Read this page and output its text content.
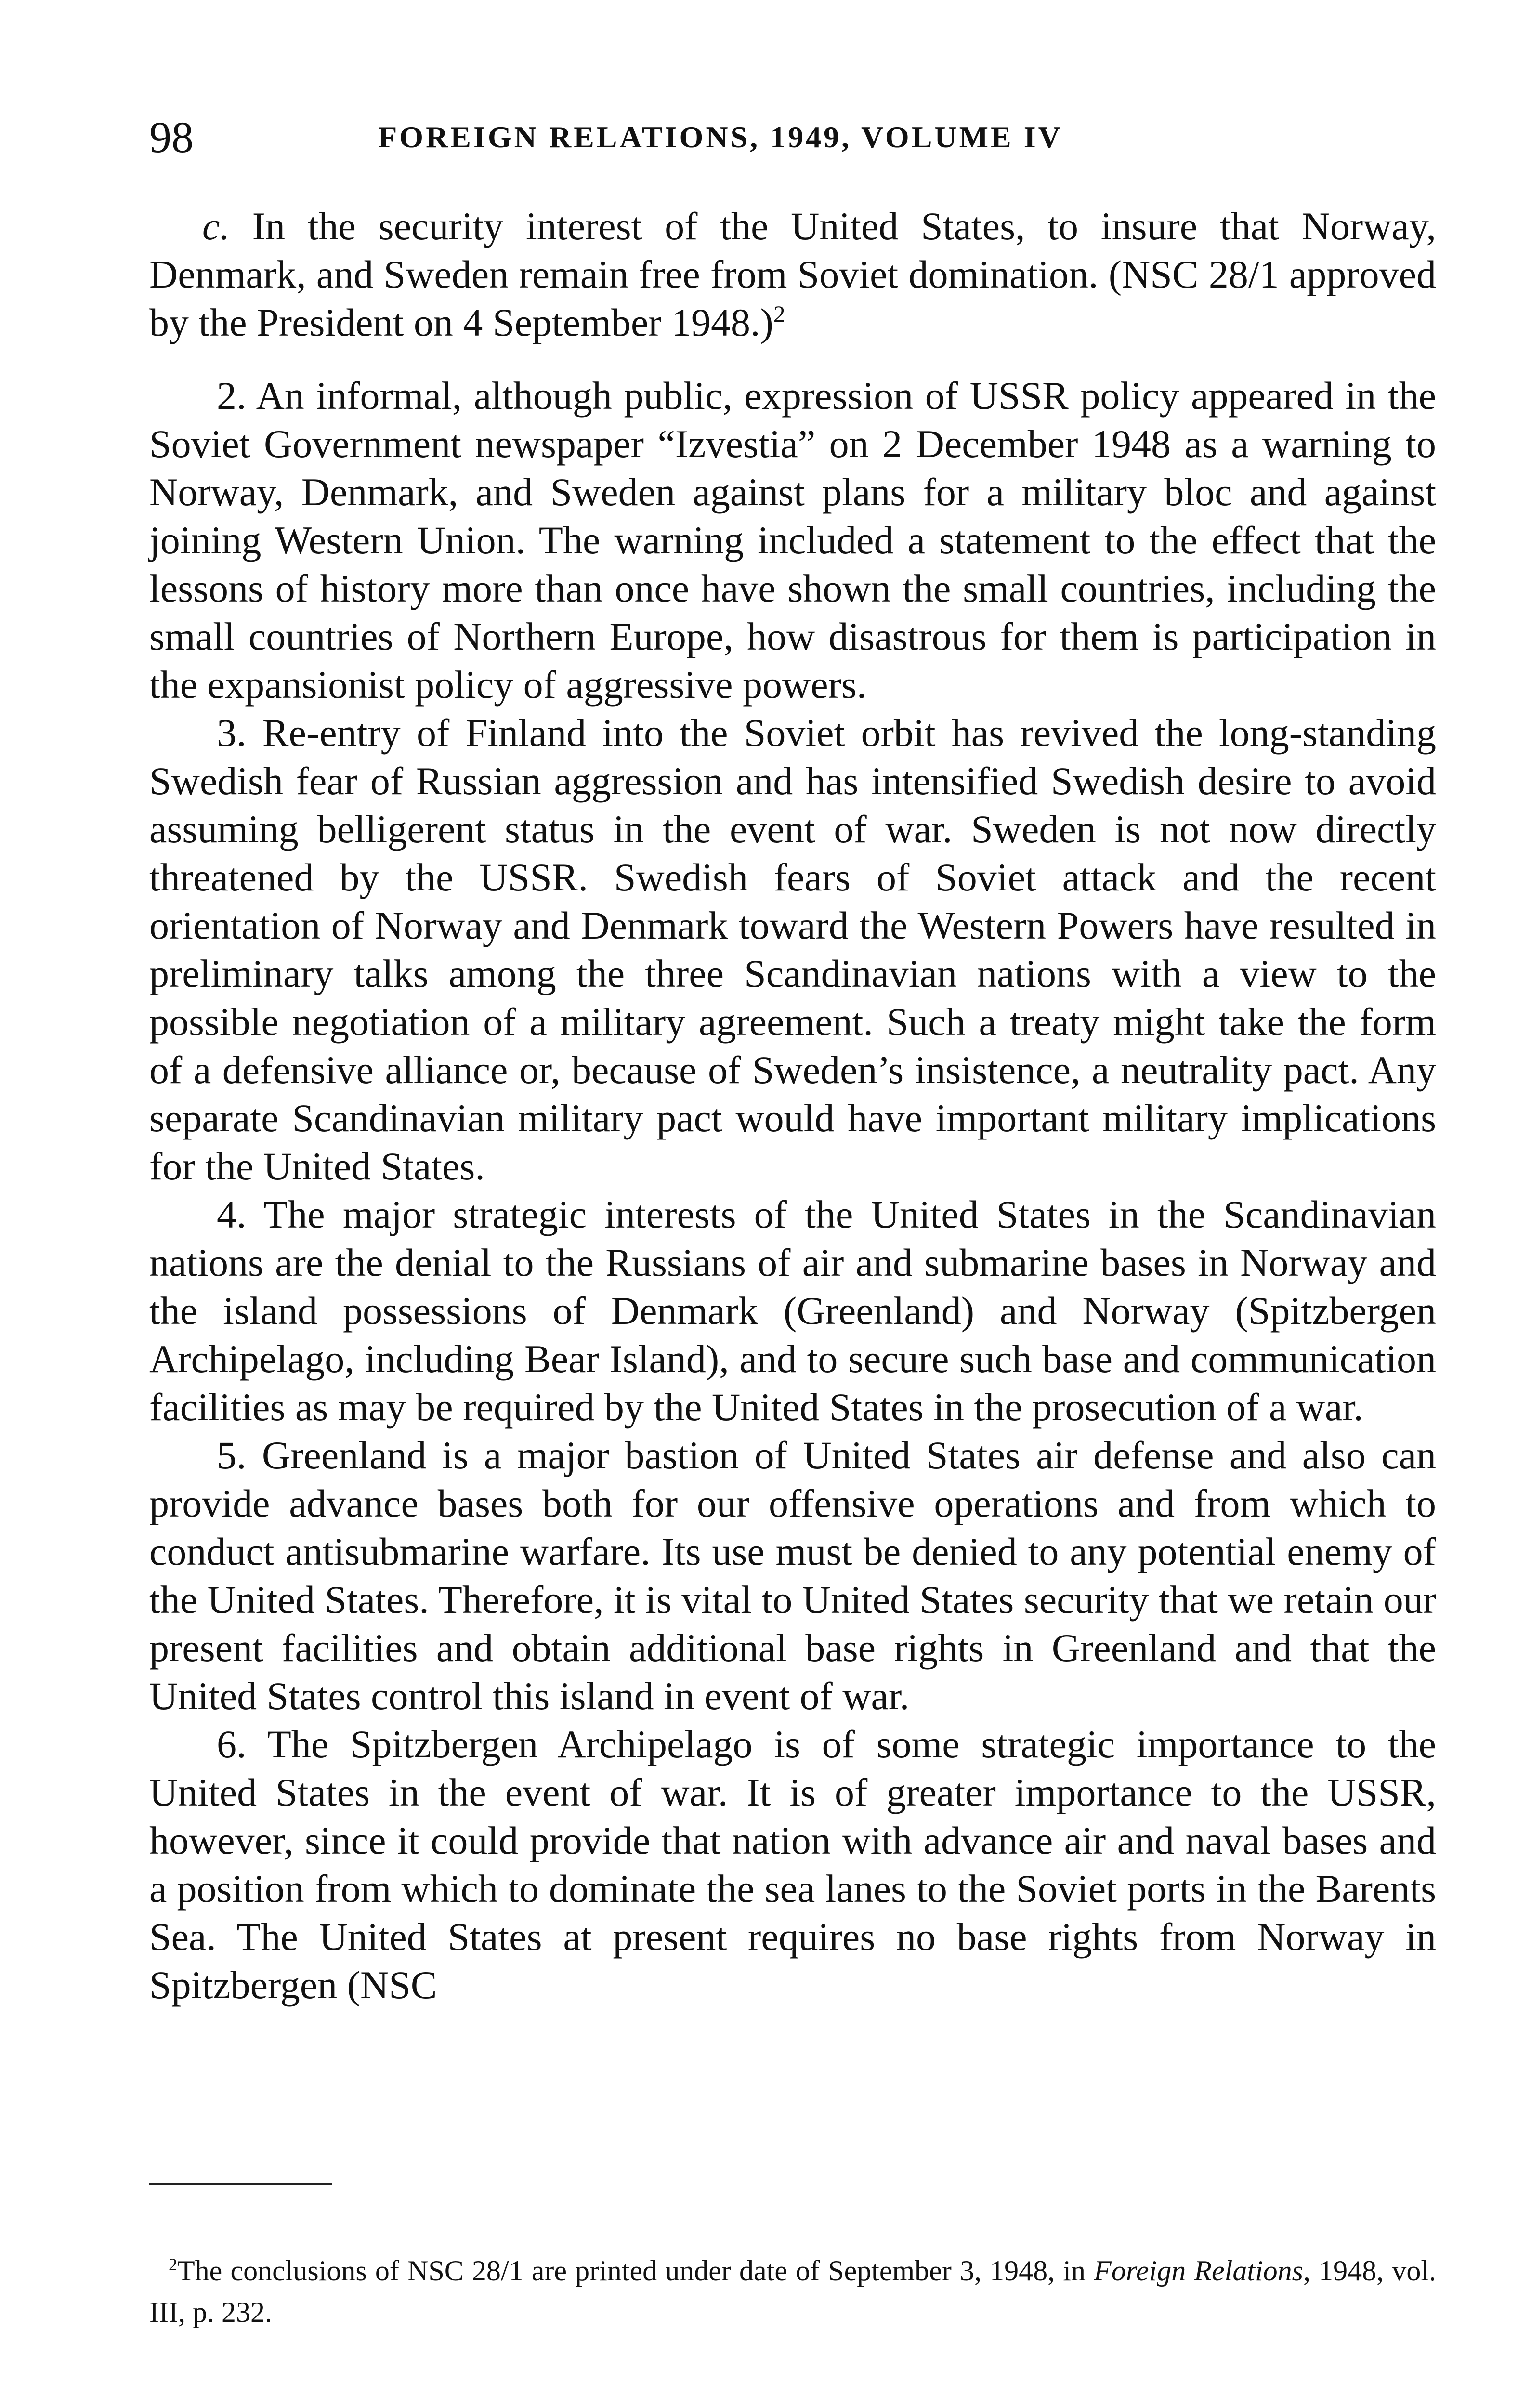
98	FOREIGN RELATIONS, 1949, VOLUME IV

c. In the security interest of the United States, to insure that Norway, Denmark, and Sweden remain free from Soviet domination. (NSC 28/1 approved by the President on 4 September 1948.)$^2$

2. An informal, although public, expression of USSR policy appeared in the Soviet Government newspaper “Izvestia” on 2 December 1948 as a warning to Norway, Denmark, and Sweden against plans for a military bloc and against joining Western Union. The warning included a statement to the effect that the lessons of history more than once have shown the small countries, including the small countries of Northern Europe, how disastrous for them is participation in the expansionist policy of aggressive powers.

3. Re-entry of Finland into the Soviet orbit has revived the long-standing Swedish fear of Russian aggression and has intensified Swedish desire to avoid assuming belligerent status in the event of war. Sweden is not now directly threatened by the USSR. Swedish fears of Soviet attack and the recent orientation of Norway and Denmark toward the Western Powers have resulted in preliminary talks among the three Scandinavian nations with a view to the possible negotiation of a military agreement. Such a treaty might take the form of a defensive alliance or, because of Sweden’s insistence, a neutrality pact. Any separate Scandinavian military pact would have important military implications for the United States.

4. The major strategic interests of the United States in the Scandinavian nations are the denial to the Russians of air and submarine bases in Norway and the island possessions of Denmark (Greenland) and Norway (Spitzbergen Archipelago, including Bear Island), and to secure such base and communication facilities as may be required by the United States in the prosecution of a war.

5. Greenland is a major bastion of United States air defense and also can provide advance bases both for our offensive operations and from which to conduct antisubmarine warfare. Its use must be denied to any potential enemy of the United States. Therefore, it is vital to United States security that we retain our present facilities and obtain additional base rights in Greenland and that the United States control this island in event of war.

6. The Spitzbergen Archipelago is of some strategic importance to the United States in the event of war. It is of greater importance to the USSR, however, since it could provide that nation with advance air and naval bases and a position from which to dominate the sea lanes to the Soviet ports in the Barents Sea. The United States at present requires no base rights from Norway in Spitzbergen (NSC

$^2$The conclusions of NSC 28/1 are printed under date of September 3, 1948, in Foreign Relations, 1948, vol. III, p. 232.
